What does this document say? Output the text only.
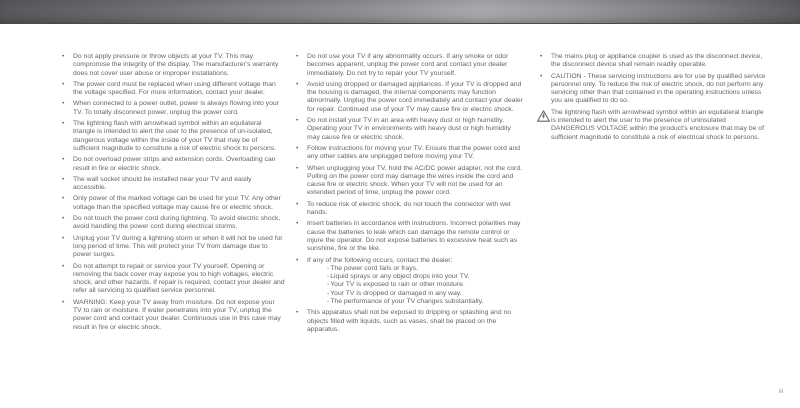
•	Do not apply pressure or throw objects at your TV. This may compromise the integrity of the display. The manufacturer's warranty does not cover user abuse or improper installations.
•	The power cord must be replaced when using different voltage than the voltage specified. For more information, contact your dealer.
•	When connected to a power outlet, power is always flowing into your TV. To totally disconnect power, unplug the power cord.
•	The lightning flash with arrowhead symbol within an equilateral triangle is intended to alert the user to the presence of un-isolated, dangerous voltage within the inside of your TV that may be of sufficient magnitude to constitute a risk of electric shock to persons.
•	Do not overload power strips and extension cords. Overloading can result in fire or electric shock.
•	The wall socket should be installed near your TV and easily accessible.
•	Only power of the marked voltage can be used for your TV. Any other voltage than the specified voltage may cause fire or electric shock.
•	Do not touch the power cord during lightning. To avoid electric shock, avoid handling the power cord during electrical storms.
•	Unplug your TV during a lightning storm or when it will not be used for long period of time. This will protect your TV from damage due to power surges.
•	Do not attempt to repair or service your TV yourself. Opening or removing the back cover may expose you to high voltages, electric shock, and other hazards. If repair is required, contact your dealer and refer all servicing to qualified service personnel.
•	WARNING: Keep your TV away from moisture. Do not expose your TV to rain or moisture. If water penetrates into your TV, unplug the power cord and contact your dealer. Continuous use in this case may result in fire or electric shock.
•	Do not use your TV if any abnormality occurs. If any smoke or odor becomes apparent, unplug the power cord and contact your dealer immediately. Do not try to repair your TV yourself.
•	Avoid using dropped or damaged appliances. If your TV is dropped and the housing is damaged, the internal components may function abnormally. Unplug the power cord immediately and contact your dealer for repair. Continued use of your TV may cause fire or electric shock.
•	Do not install your TV in an area with heavy dust or high humidity. Operating your TV in environments with heavy dust or high humidity may cause fire or electric shock.
•	Follow instructions for moving your TV. Ensure that the power cord and any other cables are unplugged before moving your TV.
•	When unplugging your TV, hold the AC/DC power adapter, not the cord. Pulling on the power cord may damage the wires inside the cord and cause fire or electric shock. When your TV will not be used for an extended period of time, unplug the power cord.
•	To reduce risk of electric shock, do not touch the connector with wet hands.
•	Insert batteries in accordance with instructions. Incorrect polarities may cause the batteries to leak which can damage the remote control or injure the operator. Do not expose batteries to excessive heat such as sunshine, fire or the like.
•	If any of the following occurs, contact the dealer:
-The power cord fails or frays.
-Liquid sprays or any object drops into your TV.
-Your TV is exposed to rain or other moisture.
-Your TV is dropped or damaged in any way.
-The performance of your TV changes substantially.
•	This apparatus shall not be exposed to dripping or splashing and no objects filled with liquids, such as vases, shall be placed on the apparatus.
•	The mains plug or appliance coupler is used as the disconnect device, the disconnect device shall remain readily operable.
•	CAUTION - These servicing instructions are for use by qualified service personnel only. To reduce the risk of electric shock, do not perform any servicing other than that contained in the operating instructions unless you are qualified to do so.
The lightning flash with arrowhead symbol within an equilateral triangle is intended to alert the user to the presence of uninsulated DANGEROUS VOLTAGE within the product's enclosure that may be of sufficient magnitude to constitute a risk of electrical shock to persons.
iii
